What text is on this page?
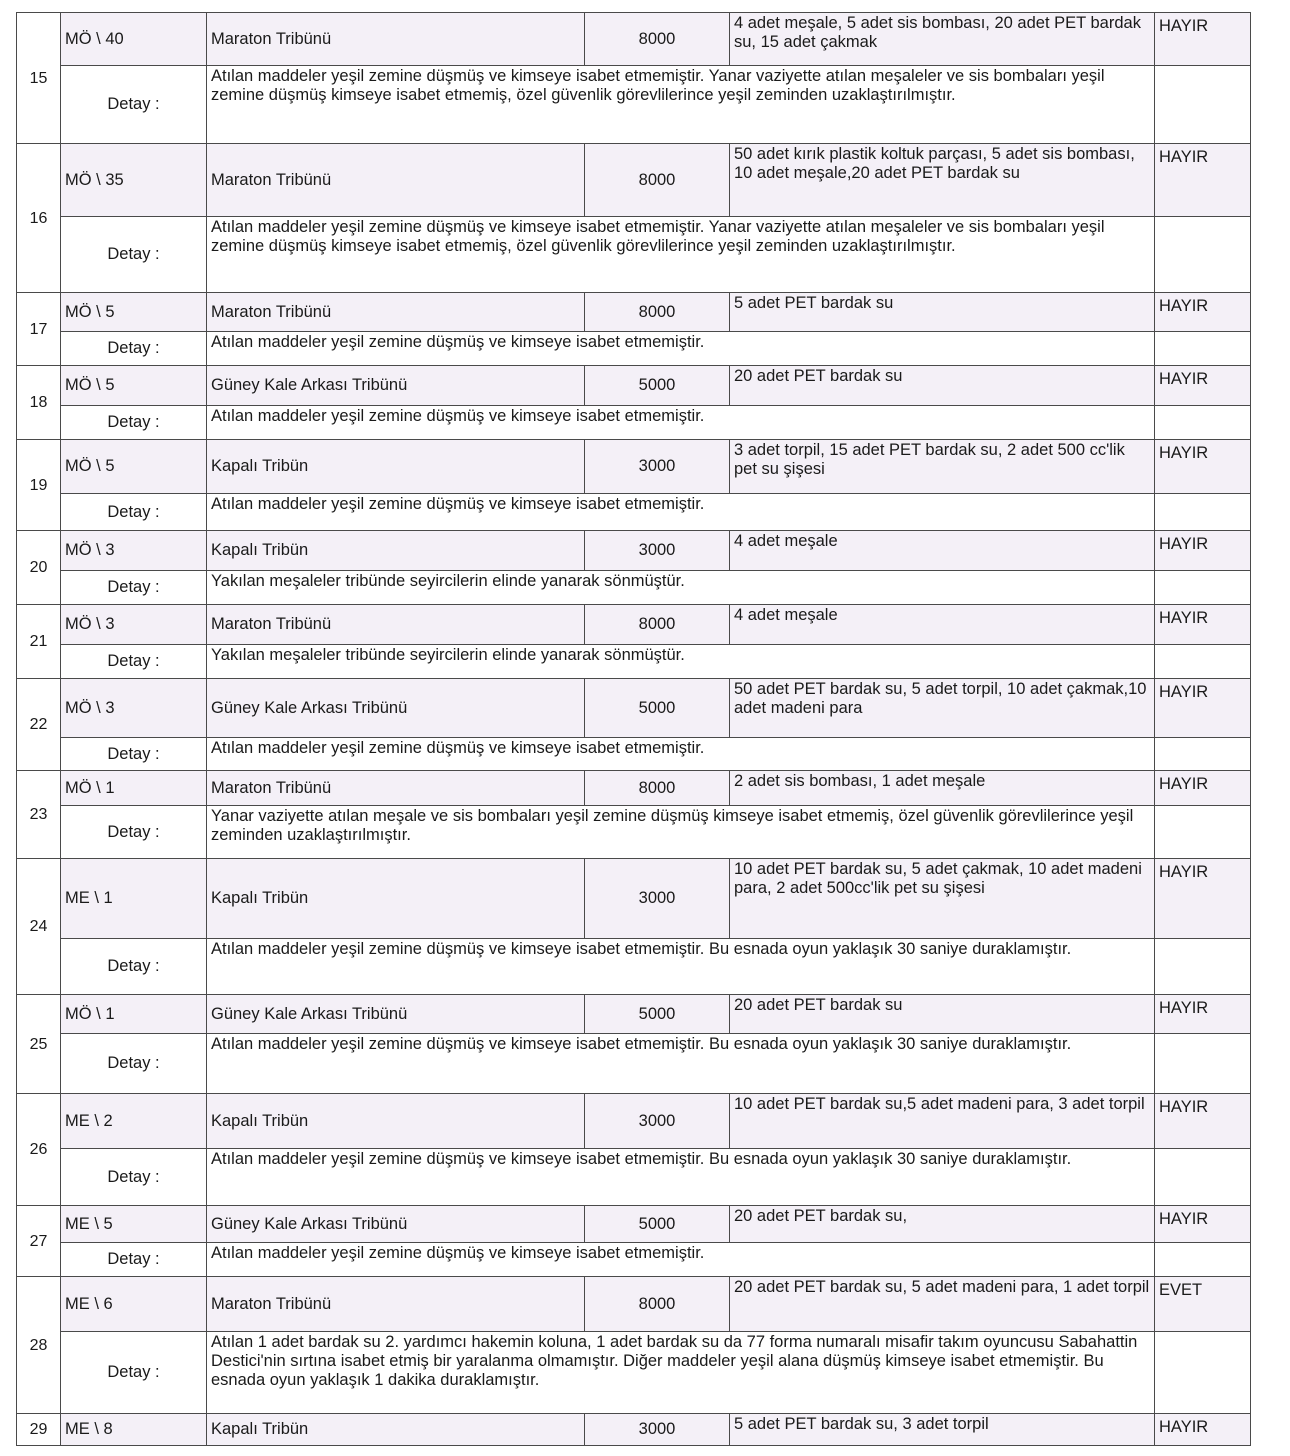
15	MÖ \ 40	Maraton Tribünü	8000	4 adet meşale, 5 adet sis bombası, 20 adet PET bardak su, 15 adet çakmak	HAYIR
	Detay :	Atılan maddeler yeşil zemine düşmüş ve kimseye isabet etmemiştir. Yanar vaziyette atılan meşaleler ve sis bombaları yeşil zemine düşmüş kimseye isabet etmemiş, özel güvenlik görevlilerince yeşil zeminden uzaklaştırılmıştır.			
16	MÖ \ 35	Maraton Tribünü	8000	50 adet kırık plastik koltuk parçası, 5 adet sis bombası, 10 adet meşale,20 adet PET bardak su	HAYIR
	Detay :	Atılan maddeler yeşil zemine düşmüş ve kimseye isabet etmemiştir. Yanar vaziyette atılan meşaleler ve sis bombaları yeşil zemine düşmüş kimseye isabet etmemiş, özel güvenlik görevlilerince yeşil zeminden uzaklaştırılmıştır.			
17	MÖ \ 5	Maraton Tribünü	8000	5 adet PET bardak su	HAYIR
	Detay :	Atılan maddeler yeşil zemine düşmüş ve kimseye isabet etmemiştir.			
18	MÖ \ 5	Güney Kale Arkası Tribünü	5000	20 adet PET bardak su	HAYIR
	Detay :	Atılan maddeler yeşil zemine düşmüş ve kimseye isabet etmemiştir.			
19	MÖ \ 5	Kapalı Tribün	3000	3 adet torpil, 15 adet PET bardak su, 2 adet 500 cc'lik pet su şişesi	HAYIR
	Detay :	Atılan maddeler yeşil zemine düşmüş ve kimseye isabet etmemiştir.			
20	MÖ \ 3	Kapalı Tribün	3000	4 adet meşale	HAYIR
	Detay :	Yakılan meşaleler tribünde seyircilerin elinde yanarak sönmüştür.			
21	MÖ \ 3	Maraton Tribünü	8000	4 adet meşale	HAYIR
	Detay :	Yakılan meşaleler tribünde seyircilerin elinde yanarak sönmüştür.			
22	MÖ \ 3	Güney Kale Arkası Tribünü	5000	50 adet PET bardak su, 5 adet torpil, 10 adet çakmak,10 adet madeni para	HAYIR
	Detay :	Atılan maddeler yeşil zemine düşmüş ve kimseye isabet etmemiştir.			
23	MÖ \ 1	Maraton Tribünü	8000	2 adet sis bombası, 1 adet meşale	HAYIR
	Detay :	Yanar vaziyette atılan meşale ve sis bombaları yeşil zemine düşmüş kimseye isabet etmemiş, özel güvenlik görevlilerince yeşil zeminden uzaklaştırılmıştır.			
24	ME \ 1	Kapalı Tribün	3000	10 adet PET bardak su, 5 adet çakmak, 10 adet madeni para, 2 adet 500cc'lik pet su şişesi	HAYIR
	Detay :	Atılan maddeler yeşil zemine düşmüş ve kimseye isabet etmemiştir. Bu esnada oyun yaklaşık 30 saniye duraklamıştır.			
25	MÖ \ 1	Güney Kale Arkası Tribünü	5000	20 adet PET bardak su	HAYIR
	Detay :	Atılan maddeler yeşil zemine düşmüş ve kimseye isabet etmemiştir. Bu esnada oyun yaklaşık 30 saniye duraklamıştır.			
26	ME \ 2	Kapalı Tribün	3000	10 adet PET bardak su,5 adet madeni para, 3 adet torpil	HAYIR
	Detay :	Atılan maddeler yeşil zemine düşmüş ve kimseye isabet etmemiştir. Bu esnada oyun yaklaşık 30 saniye duraklamıştır.			
27	ME \ 5	Güney Kale Arkası Tribünü	5000	20 adet PET bardak su,	HAYIR
	Detay :	Atılan maddeler yeşil zemine düşmüş ve kimseye isabet etmemiştir.			
28	ME \ 6	Maraton Tribünü	8000	20 adet PET bardak su, 5 adet madeni para, 1 adet torpil	EVET
	Detay :	Atılan 1 adet bardak su 2. yardımcı hakemin koluna, 1 adet bardak su da 77 forma numaralı misafir takım oyuncusu Sabahattin Destici'nin sırtına isabet etmiş bir yaralanma olmamıştır. Diğer maddeler yeşil alana düşmüş kimseye isabet etmemiştir. Bu esnada oyun yaklaşık 1 dakika duraklamıştır.			
29	ME \ 8	Kapalı Tribün	3000	5 adet PET bardak su, 3 adet torpil	HAYIR
